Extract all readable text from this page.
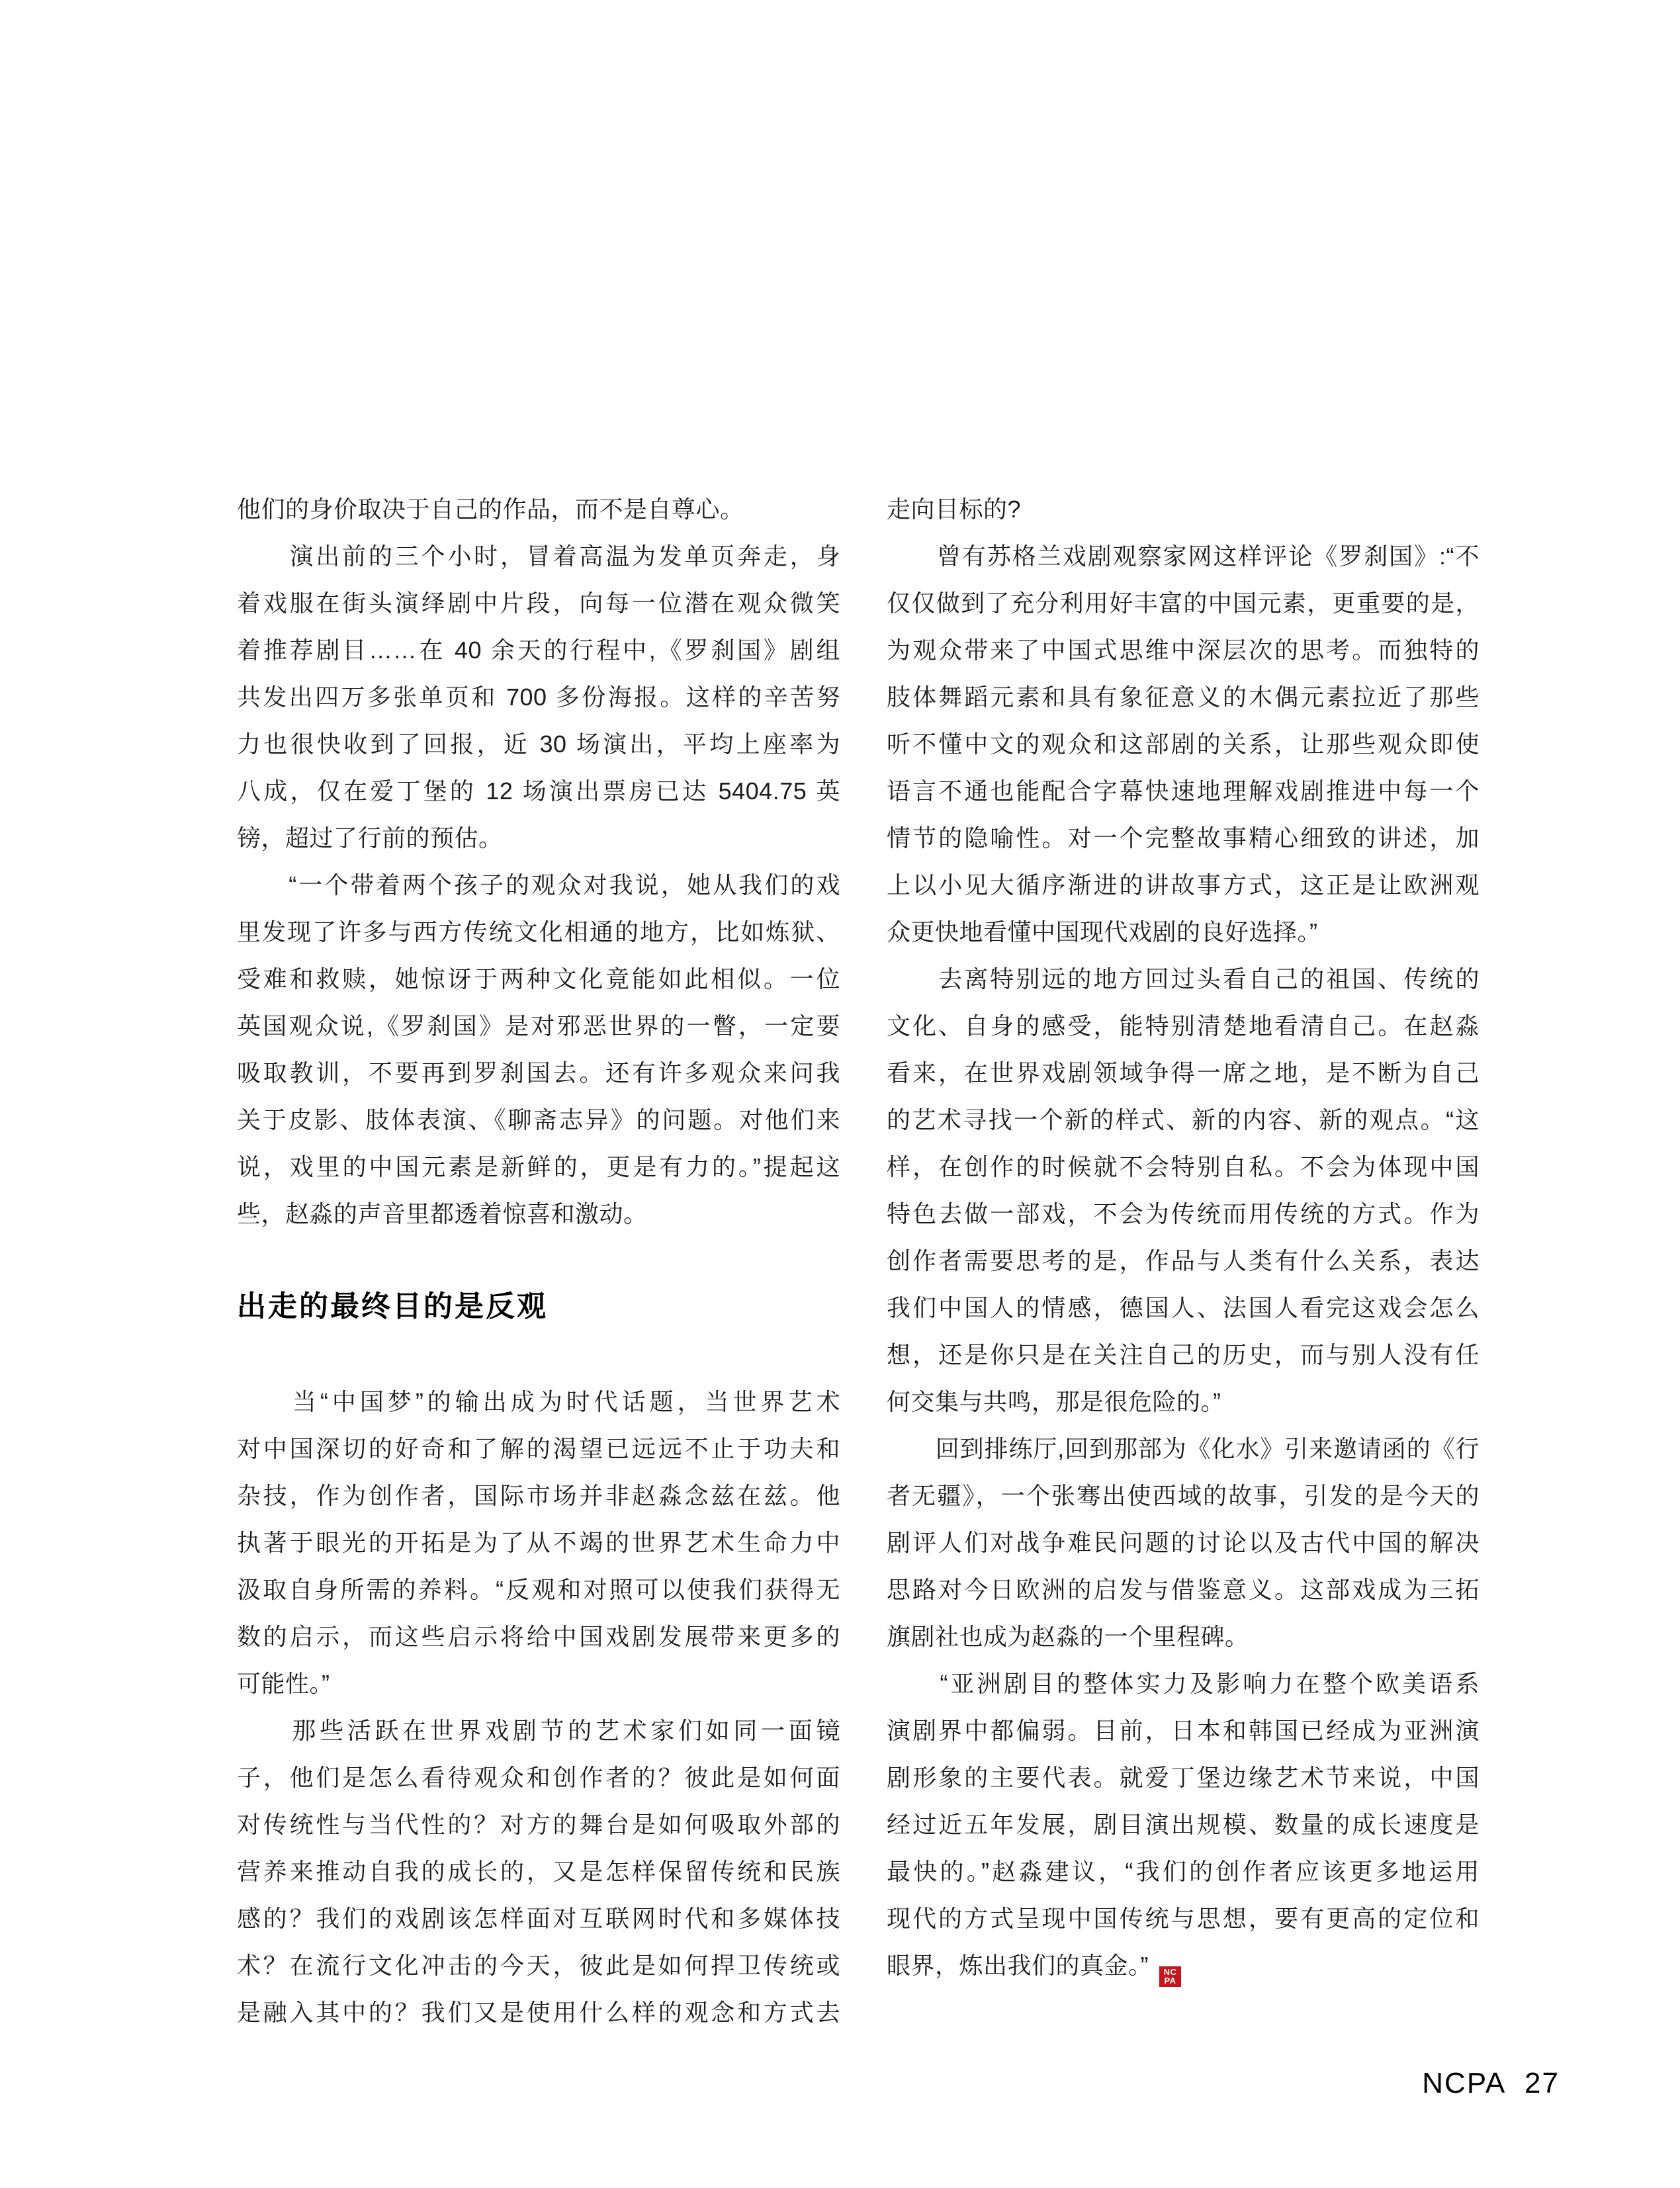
他们的身价取决于自己的作品，而不是自尊心。
　　演出前的三个小时，冒着高温为发单页奔走，身
着戏服在街头演绎剧中片段，向每一位潜在观众微笑
着推荐剧目……在 40 余天的行程中,《罗刹国》剧组
共发出四万多张单页和 700 多份海报。这样的辛苦努
力也很快收到了回报，近 30 场演出，平均上座率为
八成，仅在爱丁堡的 12 场演出票房已达 5404.75 英
镑，超过了行前的预估。
　　“一个带着两个孩子的观众对我说，她从我们的戏
里发现了许多与西方传统文化相通的地方，比如炼狱、
受难和救赎，她惊讶于两种文化竟能如此相似。一位
英国观众说,《罗刹国》是对邪恶世界的一瞥，一定要
吸取教训，不要再到罗刹国去。还有许多观众来问我
关于皮影、肢体表演、《聊斋志异》的问题。对他们来
说，戏里的中国元素是新鲜的，更是有力的。”提起这
些，赵淼的声音里都透着惊喜和激动。
出走的最终目的是反观
　　当“中国梦”的输出成为时代话题，当世界艺术
对中国深切的好奇和了解的渴望已远远不止于功夫和
杂技，作为创作者，国际市场并非赵淼念兹在兹。他
执著于眼光的开拓是为了从不竭的世界艺术生命力中
汲取自身所需的养料。“反观和对照可以使我们获得无
数的启示，而这些启示将给中国戏剧发展带来更多的
可能性。”
　　那些活跃在世界戏剧节的艺术家们如同一面镜
子，他们是怎么看待观众和创作者的？彼此是如何面
对传统性与当代性的？对方的舞台是如何吸取外部的
营养来推动自我的成长的，又是怎样保留传统和民族
感的？我们的戏剧该怎样面对互联网时代和多媒体技
术？在流行文化冲击的今天，彼此是如何捍卫传统或
是融入其中的？我们又是使用什么样的观念和方式去
走向目标的?
　　曾有苏格兰戏剧观察家网这样评论《罗刹国》:“不
仅仅做到了充分利用好丰富的中国元素，更重要的是，
为观众带来了中国式思维中深层次的思考。而独特的
肢体舞蹈元素和具有象征意义的木偶元素拉近了那些
听不懂中文的观众和这部剧的关系，让那些观众即使
语言不通也能配合字幕快速地理解戏剧推进中每一个
情节的隐喻性。对一个完整故事精心细致的讲述，加
上以小见大循序渐进的讲故事方式，这正是让欧洲观
众更快地看懂中国现代戏剧的良好选择。”
　　去离特别远的地方回过头看自己的祖国、传统的
文化、自身的感受，能特别清楚地看清自己。在赵淼
看来，在世界戏剧领域争得一席之地，是不断为自己
的艺术寻找一个新的样式、新的内容、新的观点。“这
样，在创作的时候就不会特别自私。不会为体现中国
特色去做一部戏，不会为传统而用传统的方式。作为
创作者需要思考的是，作品与人类有什么关系，表达
我们中国人的情感，德国人、法国人看完这戏会怎么
想，还是你只是在关注自己的历史，而与别人没有任
何交集与共鸣，那是很危险的。”
　　回到排练厅,回到那部为《化水》引来邀请函的《行
者无疆》，一个张骞出使西域的故事，引发的是今天的
剧评人们对战争难民问题的讨论以及古代中国的解决
思路对今日欧洲的启发与借鉴意义。这部戏成为三拓
旗剧社也成为赵淼的一个里程碑。
　　“亚洲剧目的整体实力及影响力在整个欧美语系
演剧界中都偏弱。目前，日本和韩国已经成为亚洲演
剧形象的主要代表。就爱丁堡边缘艺术节来说，中国
经过近五年发展，剧目演出规模、数量的成长速度是
最快的。”赵淼建议，“我们的创作者应该更多地运用
现代的方式呈现中国传统与思想，要有更高的定位和
眼界，炼出我们的真金。” NC
PA
NCPA 27
